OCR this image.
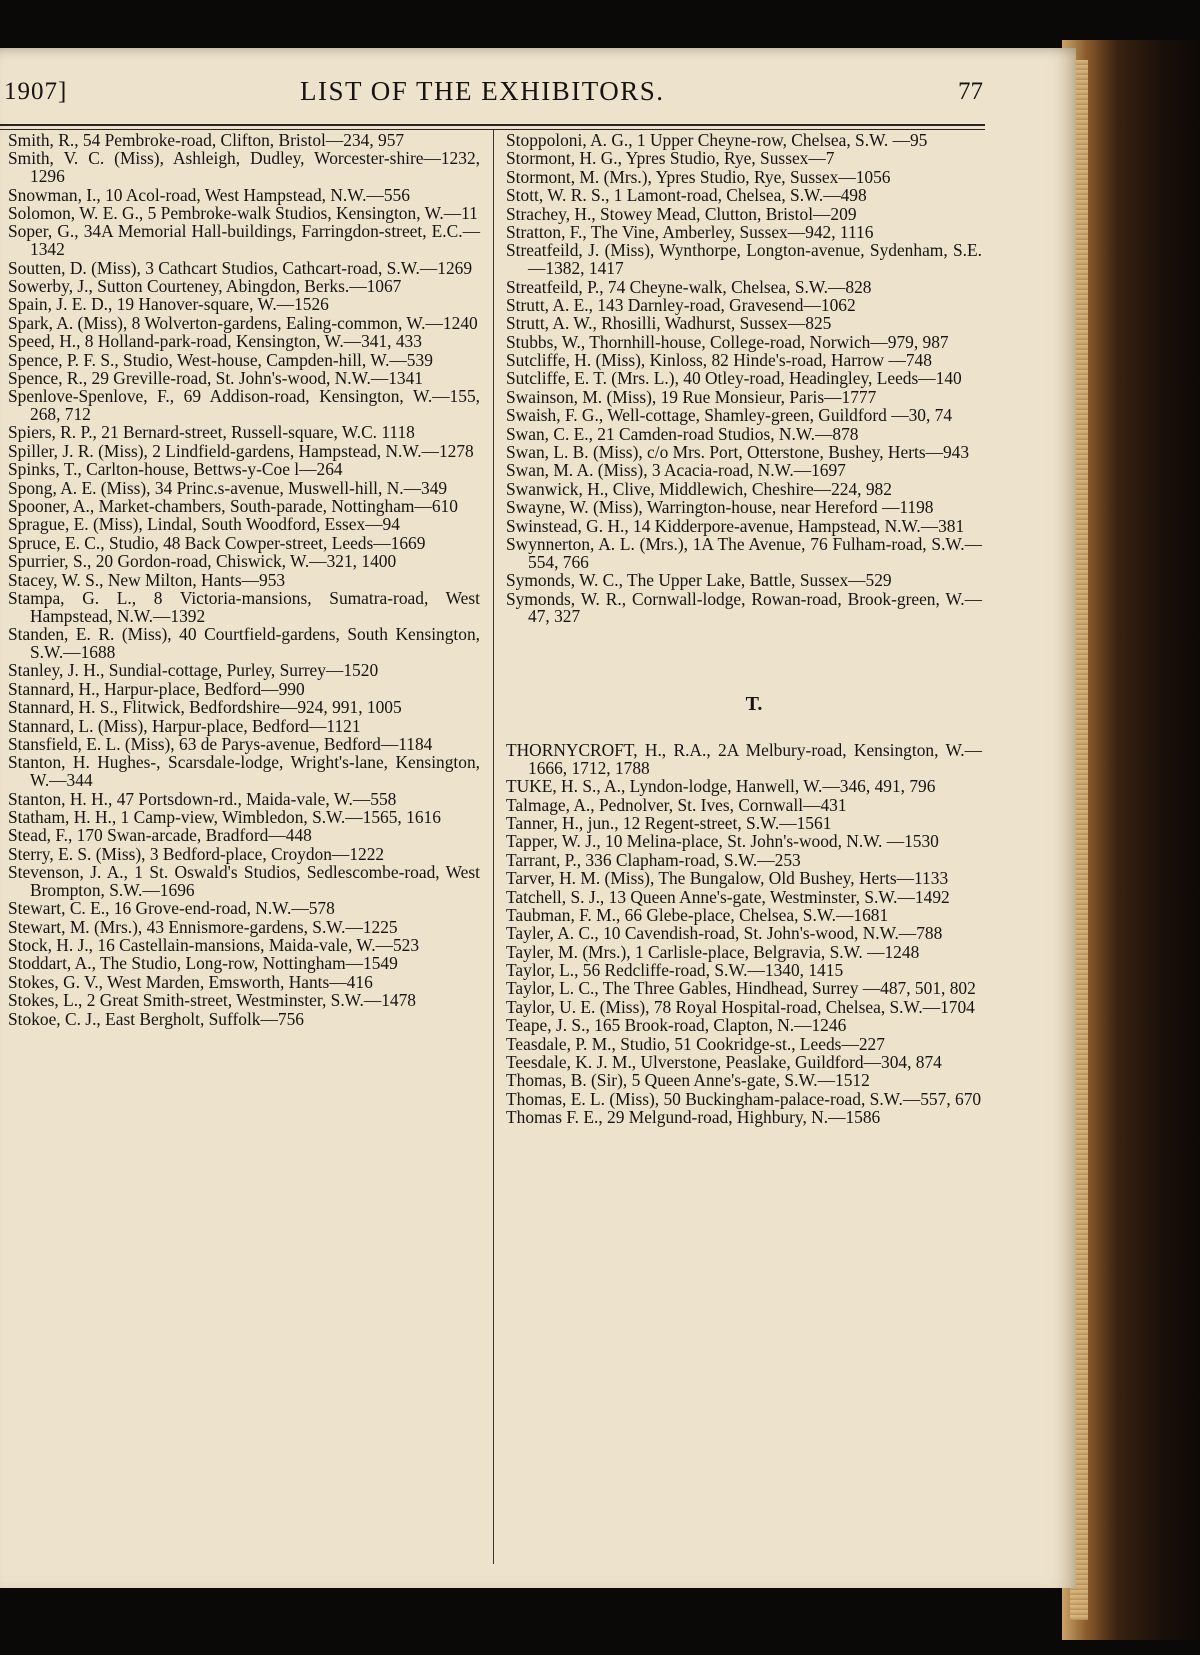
1907]	LIST OF THE EXHIBITORS.	77

Smith, R., 54 Pembroke-road, Clifton, Bristol—234, 957

Smith, V. C. (Miss), Ashleigh, Dudley, Worcester-shire—1232, 1296

Snowman, I., 10 Acol-road, West Hampstead, N.W.—556

Solomon, W. E. G., 5 Pembroke-walk Studios, Kensington, W.—11

Soper, G., 34A Memorial Hall-buildings, Farringdon-street, E.C.—1342

Soutten, D. (Miss), 3 Cathcart Studios, Cathcart-road, S.W.—1269

Sowerby, J., Sutton Courteney, Abingdon, Berks.—1067

Spain, J. E. D., 19 Hanover-square, W.—1526

Spark, A. (Miss), 8 Wolverton-gardens, Ealing-common, W.—1240

Speed, H., 8 Holland-park-road, Kensington, W.—341, 433

Spence, P. F. S., Studio, West-house, Campden-hill, W.—539

Spence, R., 29 Greville-road, St. John's-wood, N.W.—1341

Spenlove-Spenlove, F., 69 Addison-road, Kensington, W.—155, 268, 712

Spiers, R. P., 21 Bernard-street, Russell-square, W.C. 1118

Spiller, J. R. (Miss), 2 Lindfield-gardens, Hampstead, N.W.—1278

Spinks, T., Carlton-house, Bettws-y-Coe l—264

Spong, A. E. (Miss), 34 Princ.s-avenue, Muswell-hill, N.—349

Spooner, A., Market-chambers, South-parade, Nottingham—610

Sprague, E. (Miss), Lindal, South Woodford, Essex—94

Spruce, E. C., Studio, 48 Back Cowper-street, Leeds—1669

Spurrier, S., 20 Gordon-road, Chiswick, W.—321, 1400

Stacey, W. S., New Milton, Hants—953

Stampa, G. L., 8 Victoria-mansions, Sumatra-road, West Hampstead, N.W.—1392

Standen, E. R. (Miss), 40 Courtfield-gardens, South Kensington, S.W.—1688

Stanley, J. H., Sundial-cottage, Purley, Surrey—1520

Stannard, H., Harpur-place, Bedford—990

Stannard, H. S., Flitwick, Bedfordshire—924, 991, 1005

Stannard, L. (Miss), Harpur-place, Bedford—1121

Stansfield, E. L. (Miss), 63 de Parys-avenue, Bedford—1184

Stanton, H. Hughes-, Scarsdale-lodge, Wright's-lane, Kensington, W.—344

Stanton, H. H., 47 Portsdown-rd., Maida-vale, W.—558

Statham, H. H., 1 Camp-view, Wimbledon, S.W.—1565, 1616

Stead, F., 170 Swan-arcade, Bradford—448

Sterry, E. S. (Miss), 3 Bedford-place, Croydon—1222

Stevenson, J. A., 1 St. Oswald's Studios, Sedlescombe-road, West Brompton, S.W.—1696

Stewart, C. E., 16 Grove-end-road, N.W.—578

Stewart, M. (Mrs.), 43 Ennismore-gardens, S.W.—1225

Stock, H. J., 16 Castellain-mansions, Maida-vale, W.—523

Stoddart, A., The Studio, Long-row, Nottingham—1549

Stokes, G. V., West Marden, Emsworth, Hants—416

Stokes, L., 2 Great Smith-street, Westminster, S.W.—1478

Stokoe, C. J., East Bergholt, Suffolk—756

Stoppoloni, A. G., 1 Upper Cheyne-row, Chelsea, S.W. —95

Stormont, H. G., Ypres Studio, Rye, Sussex—7

Stormont, M. (Mrs.), Ypres Studio, Rye, Sussex—1056

Stott, W. R. S., 1 Lamont-road, Chelsea, S.W.—498

Strachey, H., Stowey Mead, Clutton, Bristol—209

Stratton, F., The Vine, Amberley, Sussex—942, 1116

Streatfeild, J. (Miss), Wynthorpe, Longton-avenue, Sydenham, S.E.—1382, 1417

Streatfeild, P., 74 Cheyne-walk, Chelsea, S.W.—828

Strutt, A. E., 143 Darnley-road, Gravesend—1062

Strutt, A. W., Rhosilli, Wadhurst, Sussex—825

Stubbs, W., Thornhill-house, College-road, Norwich—979, 987

Sutcliffe, H. (Miss), Kinloss, 82 Hinde's-road, Harrow —748

Sutcliffe, E. T. (Mrs. L.), 40 Otley-road, Headingley, Leeds—140

Swainson, M. (Miss), 19 Rue Monsieur, Paris—1777

Swaish, F. G., Well-cottage, Shamley-green, Guildford —30, 74

Swan, C. E., 21 Camden-road Studios, N.W.—878

Swan, L. B. (Miss), c/o Mrs. Port, Otterstone, Bushey, Herts—943

Swan, M. A. (Miss), 3 Acacia-road, N.W.—1697

Swanwick, H., Clive, Middlewich, Cheshire—224, 982

Swayne, W. (Miss), Warrington-house, near Hereford —1198

Swinstead, G. H., 14 Kidderpore-avenue, Hampstead, N.W.—381

Swynnerton, A. L. (Mrs.), 1A The Avenue, 76 Fulham-road, S.W.—554, 766

Symonds, W. C., The Upper Lake, Battle, Sussex—529

Symonds, W. R., Cornwall-lodge, Rowan-road, Brook-green, W.—47, 327

T.

THORNYCROFT, H., R.A., 2A Melbury-road, Kensington, W.—1666, 1712, 1788

TUKE, H. S., A., Lyndon-lodge, Hanwell, W.—346, 491, 796

Talmage, A., Pednolver, St. Ives, Cornwall—431

Tanner, H., jun., 12 Regent-street, S.W.—1561

Tapper, W. J., 10 Melina-place, St. John's-wood, N.W. —1530

Tarrant, P., 336 Clapham-road, S.W.—253

Tarver, H. M. (Miss), The Bungalow, Old Bushey, Herts—1133

Tatchell, S. J., 13 Queen Anne's-gate, Westminster, S.W.—1492

Taubman, F. M., 66 Glebe-place, Chelsea, S.W.—1681

Tayler, A. C., 10 Cavendish-road, St. John's-wood, N.W.—788

Tayler, M. (Mrs.), 1 Carlisle-place, Belgravia, S.W. —1248

Taylor, L., 56 Redcliffe-road, S.W.—1340, 1415

Taylor, L. C., The Three Gables, Hindhead, Surrey —487, 501, 802

Taylor, U. E. (Miss), 78 Royal Hospital-road, Chelsea, S.W.—1704

Teape, J. S., 165 Brook-road, Clapton, N.—1246

Teasdale, P. M., Studio, 51 Cookridge-st., Leeds—227

Teesdale, K. J. M., Ulverstone, Peaslake, Guildford—304, 874

Thomas, B. (Sir), 5 Queen Anne's-gate, S.W.—1512

Thomas, E. L. (Miss), 50 Buckingham-palace-road, S.W.—557, 670

Thomas F. E., 29 Melgund-road, Highbury, N.—1586
